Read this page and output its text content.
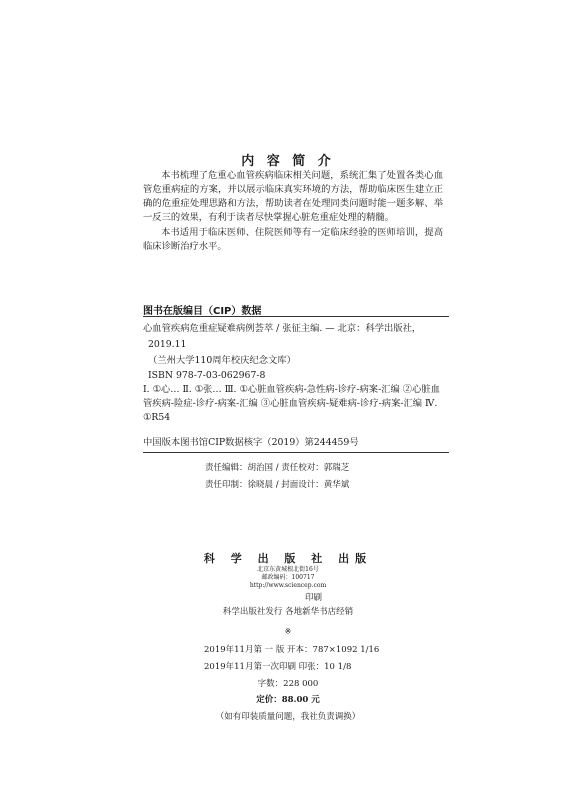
内 容 简 介
本书梳理了危重心血管疾病临床相关问题，系统汇集了处置各类心血管危重病症的方案，并以展示临床真实环境的方法，帮助临床医生建立正确的危重症处理思路和方法，帮助读者在处理同类问题时能一题多解、举一反三的效果，有利于读者尽快掌握心脏危重症处理的精髓。
本书适用于临床医师、住院医师等有一定临床经验的医师培训，提高临床诊断治疗水平。
图书在版编目（CIP）数据
心血管疾病危重症疑难病例荟萃 / 张征主编. — 北京：科学出版社，
2019.11
（兰州大学110周年校庆纪念文库）
ISBN 978-7-03-062967-8
Ⅰ. ①心… Ⅱ. ①张… Ⅲ. ①心脏血管疾病-急性病-诊疗-病案-汇编 ②心脏血管疾病-险症-诊疗-病案-汇编 ③心脏血管疾病-疑难病-诊疗-病案-汇编 Ⅳ. ①R54
中国版本图书馆CIP数据核字（2019）第244459号
责任编辑：胡治国 / 责任校对：郭瑞芝
责任印制：徐晓晨 / 封面设计：黄华斌
科 学 出 版 社 出版
北京东黄城根北街16号
邮政编码：100717
http://www.sciencep.com
印刷
科学出版社发行 各地新华书店经销
※
2019年11月第 一 版 开本：787×1092 1/16
2019年11月第一次印刷 印张：10 1/8
字数：228 000
定价：88.00 元
（如有印装质量问题，我社负责调换）
